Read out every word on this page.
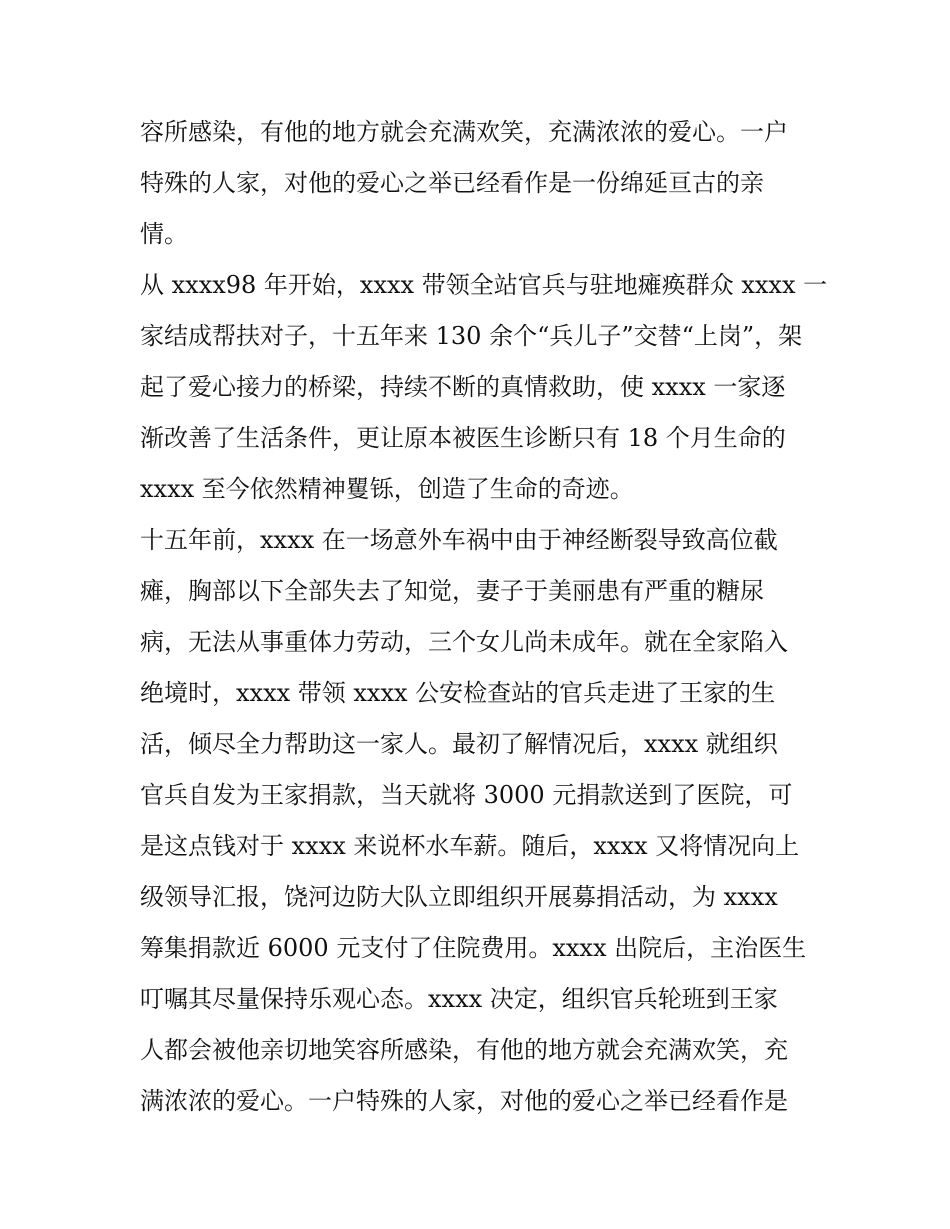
容所感染，有他的地方就会充满欢笑，充满浓浓的爱心。一户
特殊的人家，对他的爱心之举已经看作是一份绵延亘古的亲
情。
从 xxxx98 年开始，xxxx 带领全站官兵与驻地瘫痪群众 xxxx 一
家结成帮扶对子，十五年来 130 余个“兵儿子”交替“上岗”，架
起了爱心接力的桥梁，持续不断的真情救助，使 xxxx 一家逐
渐改善了生活条件，更让原本被医生诊断只有 18 个月生命的
xxxx 至今依然精神矍铄，创造了生命的奇迹。
十五年前，xxxx 在一场意外车祸中由于神经断裂导致高位截
瘫，胸部以下全部失去了知觉，妻子于美丽患有严重的糖尿
病，无法从事重体力劳动，三个女儿尚未成年。就在全家陷入
绝境时，xxxx 带领 xxxx 公安检查站的官兵走进了王家的生
活，倾尽全力帮助这一家人。最初了解情况后，xxxx 就组织
官兵自发为王家捐款，当天就将 3000 元捐款送到了医院，可
是这点钱对于 xxxx 来说杯水车薪。随后，xxxx 又将情况向上
级领导汇报，饶河边防大队立即组织开展募捐活动，为 xxxx
筹集捐款近 6000 元支付了住院费用。xxxx 出院后，主治医生
叮嘱其尽量保持乐观心态。xxxx 决定，组织官兵轮班到王家
人都会被他亲切地笑容所感染，有他的地方就会充满欢笑，充
满浓浓的爱心。一户特殊的人家，对他的爱心之举已经看作是
